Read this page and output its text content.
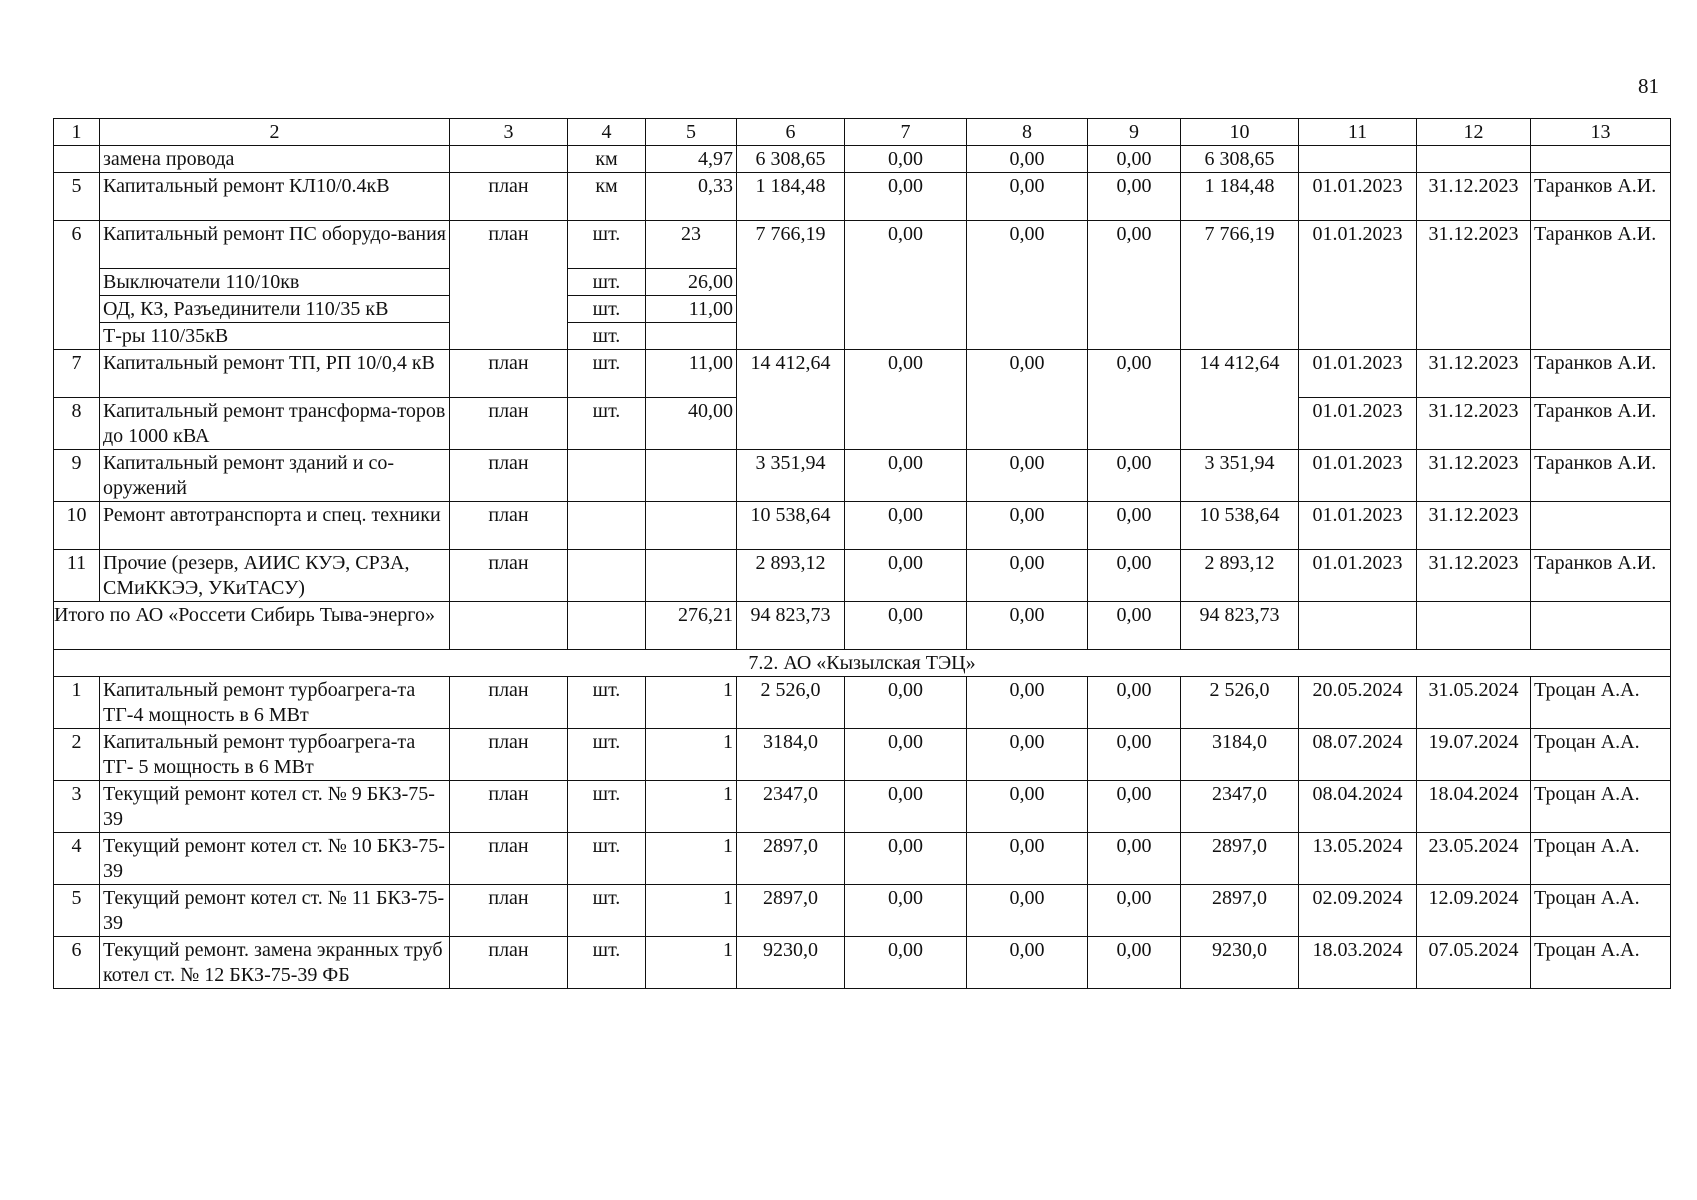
81
1	2	3	4	5	6	7	8	9	10	11	12	13
	замена провода		км	4,97	6 308,65	0,00	0,00	0,00	6 308,65			
5	Капитальный ремонт КЛ10/0.4кВ	план	км	0,33	1 184,48	0,00	0,00	0,00	1 184,48	01.01.2023	31.12.2023	Таранков А.И.
6	Капитальный ремонт ПС оборудо-вания	план	шт.	23	7 766,19	0,00	0,00	0,00	7 766,19	01.01.2023	31.12.2023	Таранков А.И.
	Выключатели 110/10кв		шт.	26,00								
	ОД, КЗ, Разъединители 110/35 кВ		шт.	11,00								
	Т-ры 110/35кВ		шт.									
7	Капитальный ремонт ТП, РП 10/0,4 кВ	план	шт.	11,00	14 412,64	0,00	0,00	0,00	14 412,64	01.01.2023	31.12.2023	Таранков А.И.
8	Капитальный ремонт трансформа-торов до 1000 кВА	план	шт.	40,00						01.01.2023	31.12.2023	Таранков А.И.
9	Капитальный ремонт зданий и со-оружений	план			3 351,94	0,00	0,00	0,00	3 351,94	01.01.2023	31.12.2023	Таранков А.И.
10	Ремонт автотранспорта и спец. техники	план			10 538,64	0,00	0,00	0,00	10 538,64	01.01.2023	31.12.2023	
11	Прочие (резерв, АИИС КУЭ, СРЗА, СМиККЭЭ, УКиТАСУ)	план			2 893,12	0,00	0,00	0,00	2 893,12	01.01.2023	31.12.2023	Таранков А.И.
Итого по АО «Россети Сибирь Тыва-энерго»				276,21	94 823,73	0,00	0,00	0,00	94 823,73			
7.2. АО «Кызылская ТЭЦ»												
1	Капитальный ремонт турбоагрега-та ТГ-4 мощность в 6 МВт	план	шт.	1	2 526,0	0,00	0,00	0,00	2 526,0	20.05.2024	31.05.2024	Троцан А.А.
2	Капитальный ремонт турбоагрега-та ТГ- 5 мощность в 6 МВт	план	шт.	1	3184,0	0,00	0,00	0,00	3184,0	08.07.2024	19.07.2024	Троцан А.А.
3	Текущий ремонт котел ст. № 9 БКЗ-75-39	план	шт.	1	2347,0	0,00	0,00	0,00	2347,0	08.04.2024	18.04.2024	Троцан А.А.
4	Текущий ремонт котел ст. № 10 БКЗ-75-39	план	шт.	1	2897,0	0,00	0,00	0,00	2897,0	13.05.2024	23.05.2024	Троцан А.А.
5	Текущий ремонт котел ст. № 11 БКЗ-75-39	план	шт.	1	2897,0	0,00	0,00	0,00	2897,0	02.09.2024	12.09.2024	Троцан А.А.
6	Текущий ремонт. замена экранных труб котел ст. № 12 БКЗ-75-39 ФБ	план	шт.	1	9230,0	0,00	0,00	0,00	9230,0	18.03.2024	07.05.2024	Троцан А.А.
